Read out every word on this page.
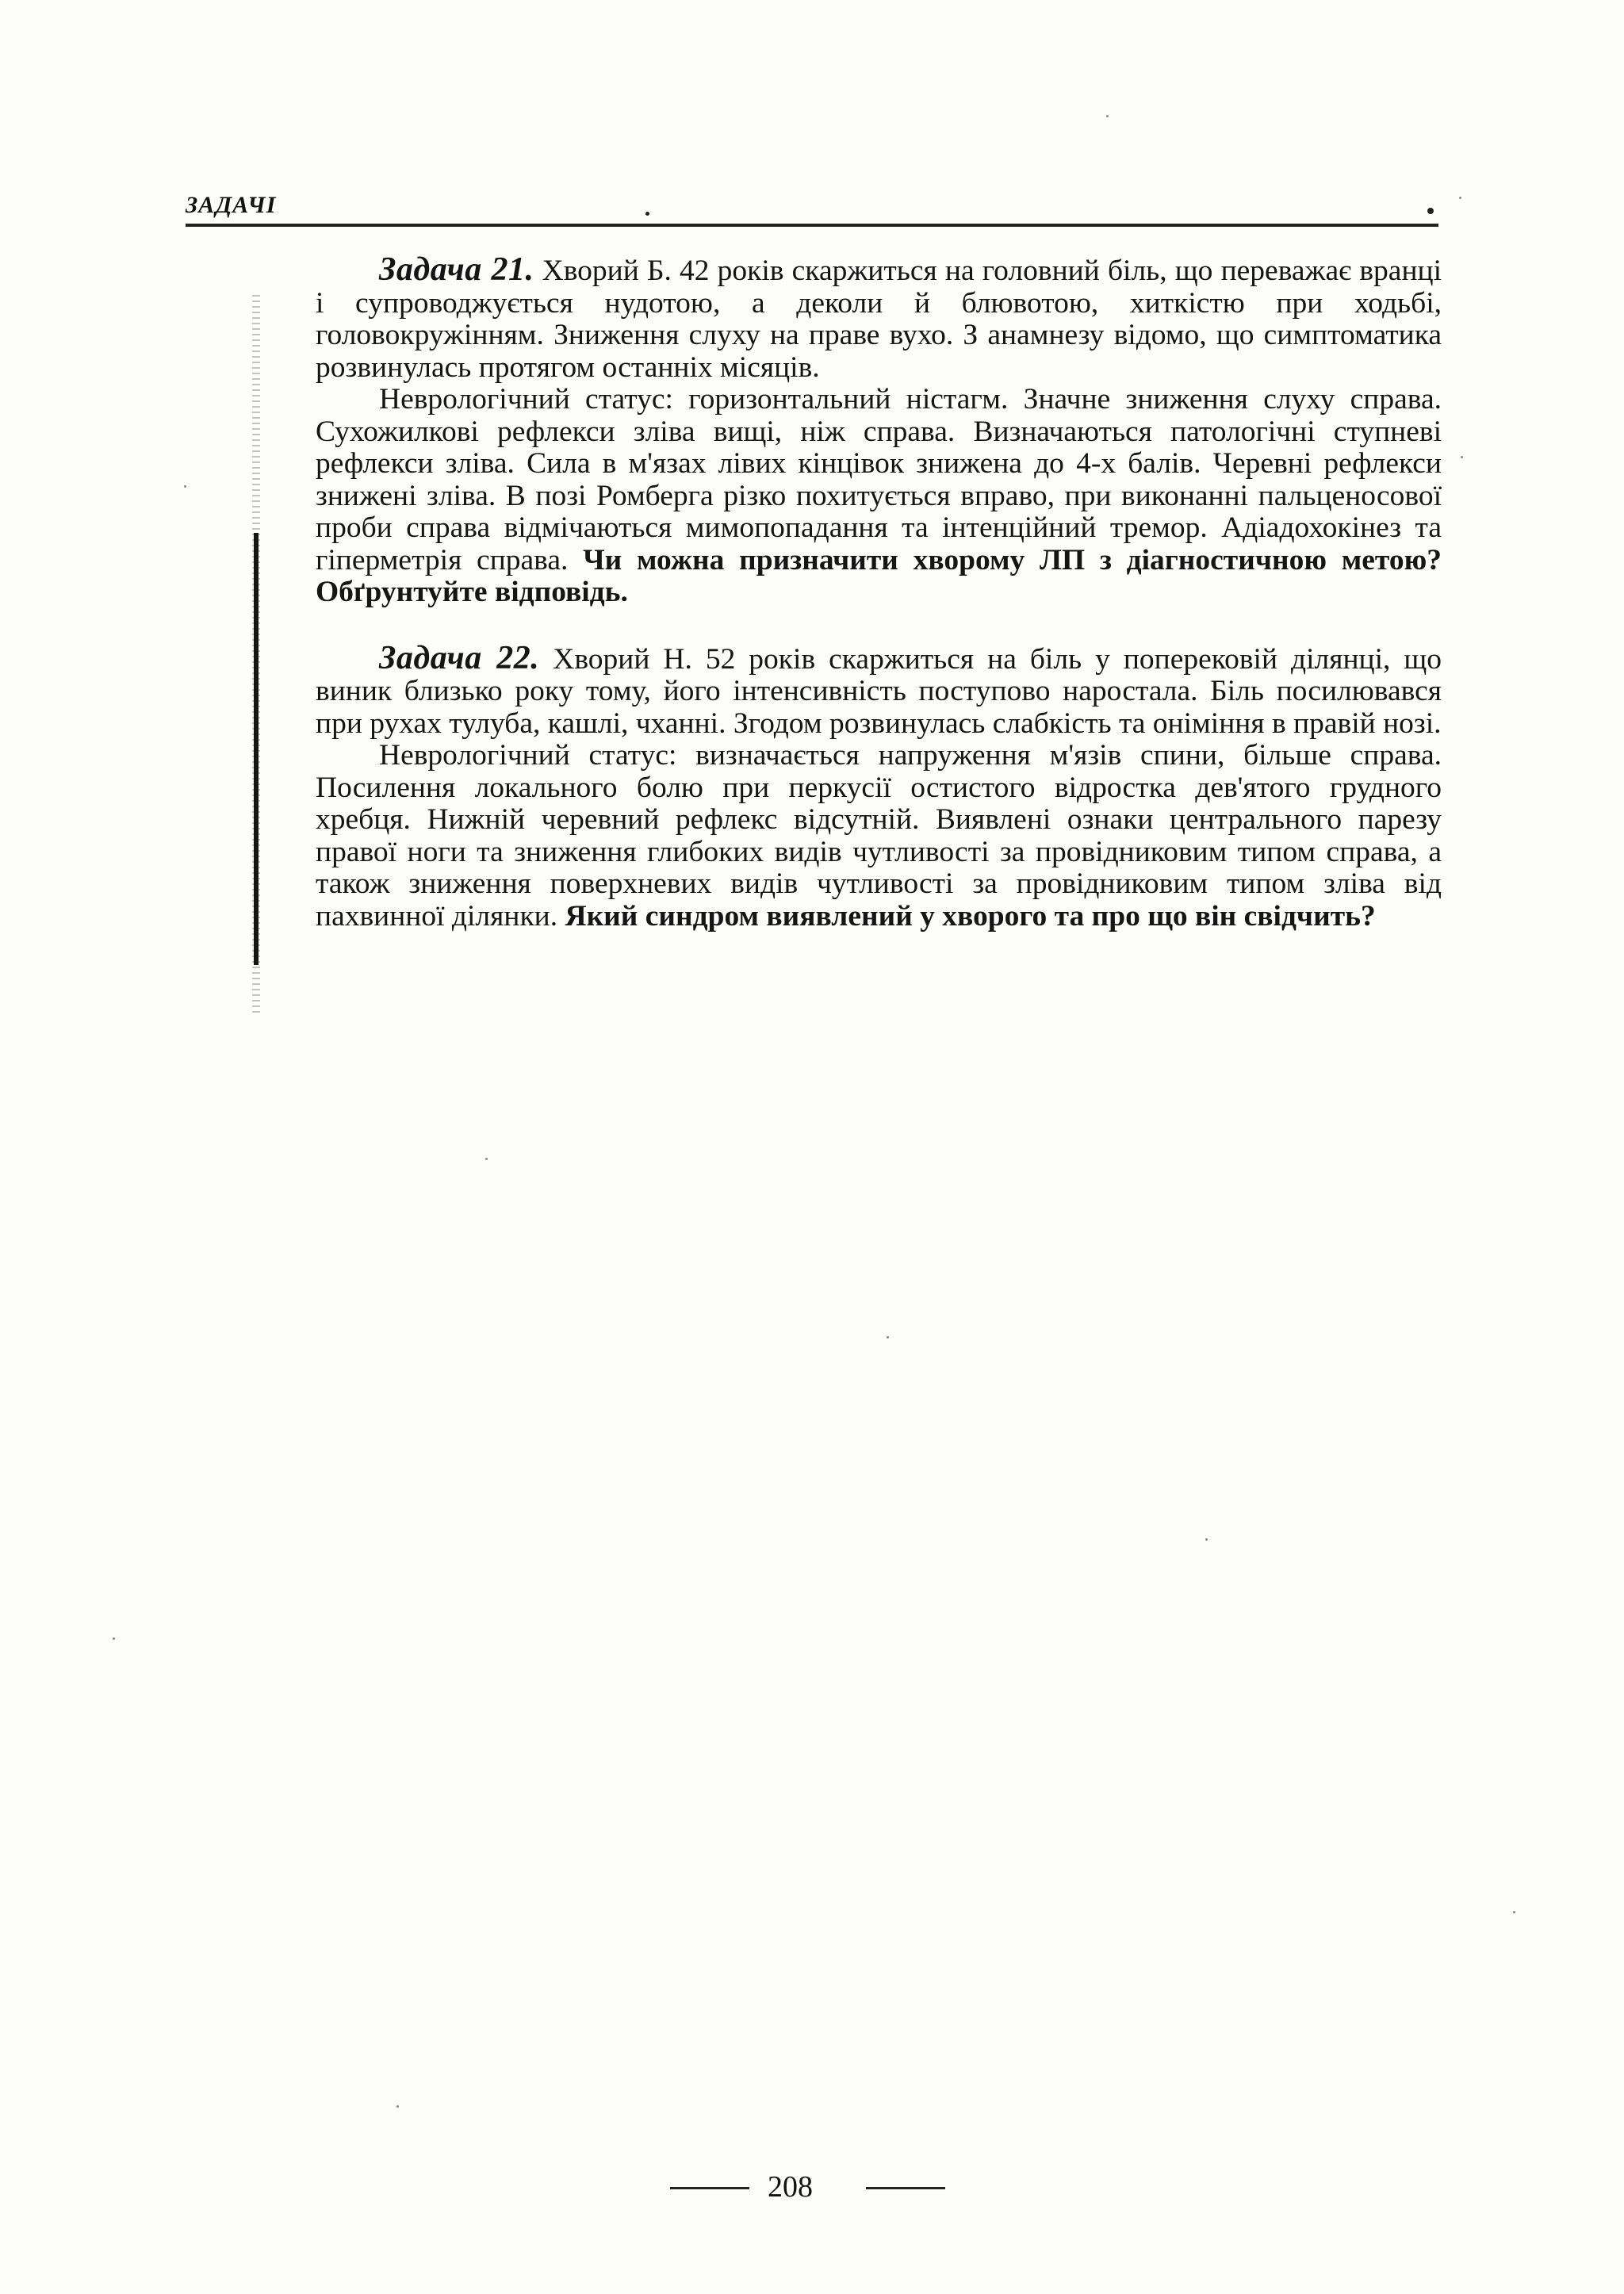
ЗАДАЧІ

Задача 21. Хворий Б. 42 років скаржиться на головний біль, що переважає вранці і супроводжується нудотою, а деколи й блювотою, хиткістю при ходьбі, головокружінням. Зниження слуху на праве вухо. З анамнезу відомо, що симптоматика розвинулась протягом останніх місяців.

Неврологічний статус: горизонтальний ністагм. Значне зниження слуху справа. Сухожилкові рефлекси зліва вищі, ніж справа. Визначаються патологічні ступневі рефлекси зліва. Сила в м'язах лівих кінцівок знижена до 4-х балів. Черевні рефлекси знижені зліва. В позі Ромберга різко похитується вправо, при виконанні пальценосової проби справа відмічаються мимопопадання та інтенційний тремор. Адіадохокінез та гіперметрія справа. Чи можна призначити хворому ЛП з діагностичною метою? Обґрунтуйте відповідь.

Задача 22. Хворий Н. 52 років скаржиться на біль у поперековій ділянці, що виник близько року тому, його інтенсивність поступово наростала. Біль посилювався при рухах тулуба, кашлі, чханні. Згодом розвинулась слабкість та оніміння в правій нозі.

Неврологічний статус: визначається напруження м'язів спини, більше справа. Посилення локального болю при перкусії остистого відростка дев'ятого грудного хребця. Нижній черевний рефлекс відсутній. Виявлені ознаки центрального парезу правої ноги та зниження глибоких видів чутливості за провідниковим типом справа, а також зниження поверхневих видів чутливості за провідниковим типом зліва від пахвинної ділянки. Який синдром виявлений у хворого та про що він свідчить?

208
